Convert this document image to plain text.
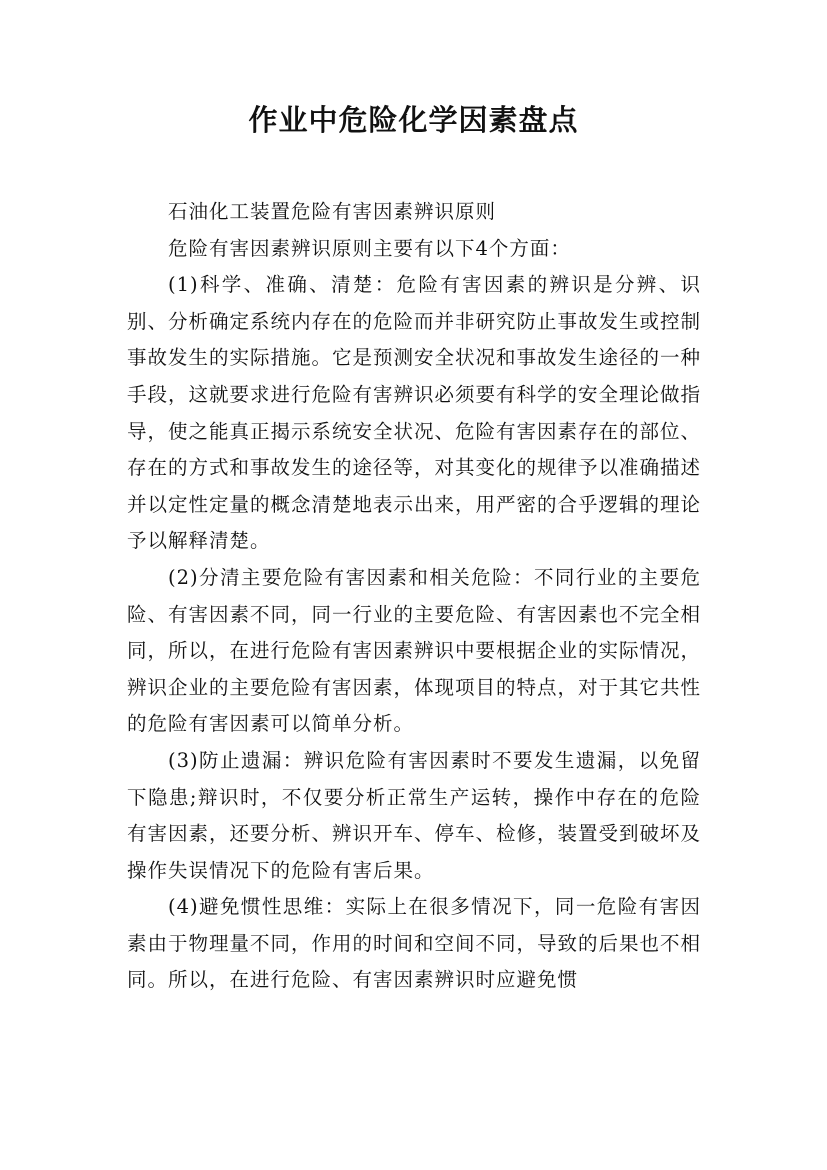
作业中危险化学因素盘点

石油化工装置危险有害因素辨识原则

危险有害因素辨识原则主要有以下4个方面：

(1)科学、准确、清楚：危险有害因素的辨识是分辨、识别、分析确定系统内存在的危险而并非研究防止事故发生或控制事故发生的实际措施。它是预测安全状况和事故发生途径的一种手段，这就要求进行危险有害辨识必须要有科学的安全理论做指导，使之能真正揭示系统安全状况、危险有害因素存在的部位、存在的方式和事故发生的途径等，对其变化的规律予以准确描述并以定性定量的概念清楚地表示出来，用严密的合乎逻辑的理论予以解释清楚。

(2)分清主要危险有害因素和相关危险：不同行业的主要危险、有害因素不同，同一行业的主要危险、有害因素也不完全相同，所以，在进行危险有害因素辨识中要根据企业的实际情况，辨识企业的主要危险有害因素，体现项目的特点，对于其它共性的危险有害因素可以简单分析。

(3)防止遗漏：辨识危险有害因素时不要发生遗漏，以免留下隐患;辩识时，不仅要分析正常生产运转，操作中存在的危险有害因素，还要分析、辨识开车、停车、检修，装置受到破坏及操作失误情况下的危险有害后果。

(4)避免惯性思维：实际上在很多情况下，同一危险有害因素由于物理量不同，作用的时间和空间不同，导致的后果也不相同。所以，在进行危险、有害因素辨识时应避免惯
